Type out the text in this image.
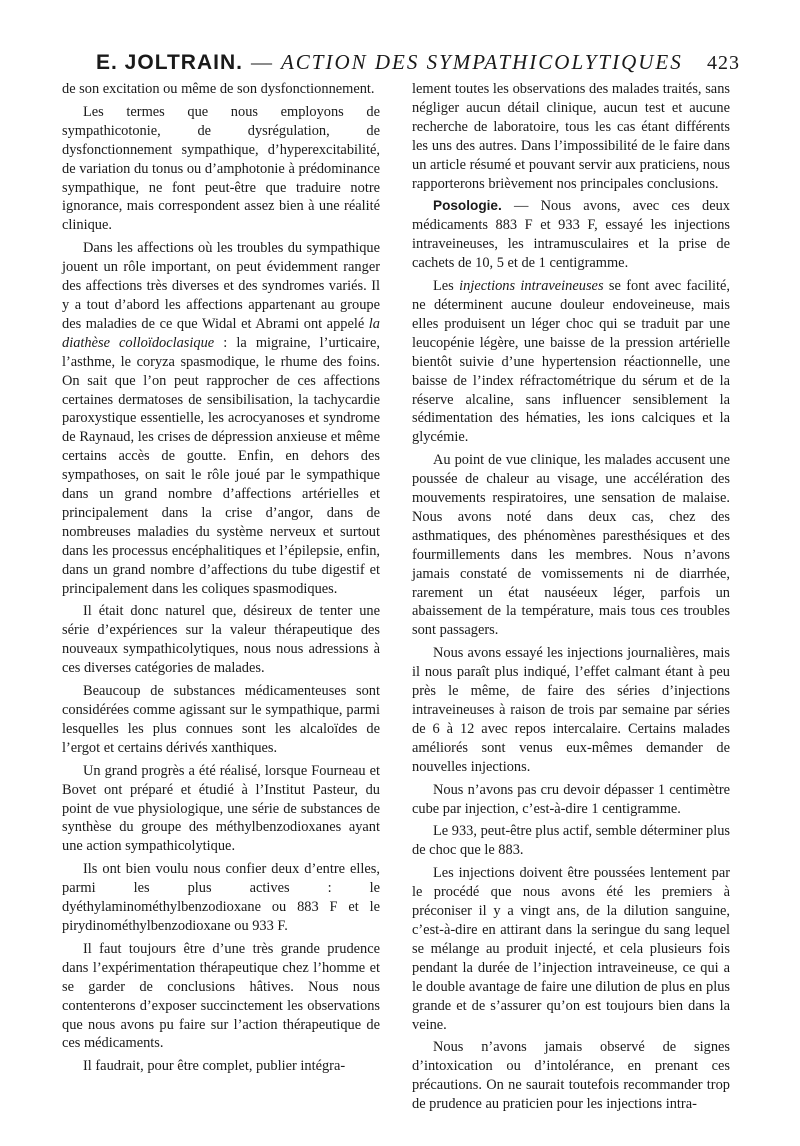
E. JOLTRAIN. — ACTION DES SYMPATHICOLYTIQUES 423

de son excitation ou même de son dysfonctionnement.

Les termes que nous employons de sympathicotonie, de dysrégulation, de dysfonctionnement sympathique, d’hyperexcitabilité, de variation du tonus ou d’amphotonie à prédominance sympathique, ne font peut-être que traduire notre ignorance, mais correspondent assez bien à une réalité clinique.

Dans les affections où les troubles du sympathique jouent un rôle important, on peut évidemment ranger des affections très diverses et des syndromes variés. Il y a tout d’abord les affections appartenant au groupe des maladies de ce que Widal et Abrami ont appelé la diathèse colloïdoclasique : la migraine, l’urticaire, l’asthme, le coryza spasmodique, le rhume des foins. On sait que l’on peut rapprocher de ces affections certaines dermatoses de sensibilisation, la tachycardie paroxystique essentielle, les acrocyanoses et syndrome de Raynaud, les crises de dépression anxieuse et même certains accès de goutte. Enfin, en dehors des sympathoses, on sait le rôle joué par le sympathique dans un grand nombre d’affections artérielles et principalement dans la crise d’angor, dans de nombreuses maladies du système nerveux et surtout dans les processus encéphalitiques et l’épilepsie, enfin, dans un grand nombre d’affections du tube digestif et principalement dans les coliques spasmodiques.

Il était donc naturel que, désireux de tenter une série d’expériences sur la valeur thérapeutique des nouveaux sympathicolytiques, nous nous adressions à ces diverses catégories de malades.

Beaucoup de substances médicamenteuses sont considérées comme agissant sur le sympathique, parmi lesquelles les plus connues sont les alcaloïdes de l’ergot et certains dérivés xanthiques.

Un grand progrès a été réalisé, lorsque Fourneau et Bovet ont préparé et étudié à l’Institut Pasteur, du point de vue physiologique, une série de substances de synthèse du groupe des méthylbenzodioxanes ayant une action sympathicolytique.

Ils ont bien voulu nous confier deux d’entre elles, parmi les plus actives : le dyéthylaminométhylbenzodioxane ou 883 F et le pirydinométhylbenzodioxane ou 933 F.

Il faut toujours être d’une très grande prudence dans l’expérimentation thérapeutique chez l’homme et se garder de conclusions hâtives. Nous nous contenterons d’exposer succinctement les observations que nous avons pu faire sur l’action thérapeutique de ces médicaments.

Il faudrait, pour être complet, publier intégra-

lement toutes les observations des malades traités, sans négliger aucun détail clinique, aucun test et aucune recherche de laboratoire, tous les cas étant différents les uns des autres. Dans l’impossibilité de le faire dans un article résumé et pouvant servir aux praticiens, nous rapporterons brièvement nos principales conclusions.

Posologie. — Nous avons, avec ces deux médicaments 883 F et 933 F, essayé les injections intraveineuses, les intramusculaires et la prise de cachets de 10, 5 et de 1 centigramme.

Les injections intraveineuses se font avec facilité, ne déterminent aucune douleur endoveineuse, mais elles produisent un léger choc qui se traduit par une leucopénie légère, une baisse de la pression artérielle bientôt suivie d’une hypertension réactionnelle, une baisse de l’index réfractométrique du sérum et de la réserve alcaline, sans influencer sensiblement la sédimentation des hématies, les ions calciques et la glycémie.

Au point de vue clinique, les malades accusent une poussée de chaleur au visage, une accélération des mouvements respiratoires, une sensation de malaise. Nous avons noté dans deux cas, chez des asthmatiques, des phénomènes paresthésiques et des fourmillements dans les membres. Nous n’avons jamais constaté de vomissements ni de diarrhée, rarement un état nauséeux léger, parfois un abaissement de la température, mais tous ces troubles sont passagers.

Nous avons essayé les injections journalières, mais il nous paraît plus indiqué, l’effet calmant étant à peu près le même, de faire des séries d’injections intraveineuses à raison de trois par semaine par séries de 6 à 12 avec repos intercalaire. Certains malades améliorés sont venus eux-mêmes demander de nouvelles injections.

Nous n’avons pas cru devoir dépasser 1 centimètre cube par injection, c’est-à-dire 1 centigramme.

Le 933, peut-être plus actif, semble déterminer plus de choc que le 883.

Les injections doivent être poussées lentement par le procédé que nous avons été les premiers à préconiser il y a vingt ans, de la dilution sanguine, c’est-à-dire en attirant dans la seringue du sang lequel se mélange au produit injecté, et cela plusieurs fois pendant la durée de l’injection intraveineuse, ce qui a le double avantage de faire une dilution de plus en plus grande et de s’assurer qu’on est toujours bien dans la veine.

Nous n’avons jamais observé de signes d’intoxication ou d’intolérance, en prenant ces précautions. On ne saurait toutefois recommander trop de prudence au praticien pour les injections intra-
